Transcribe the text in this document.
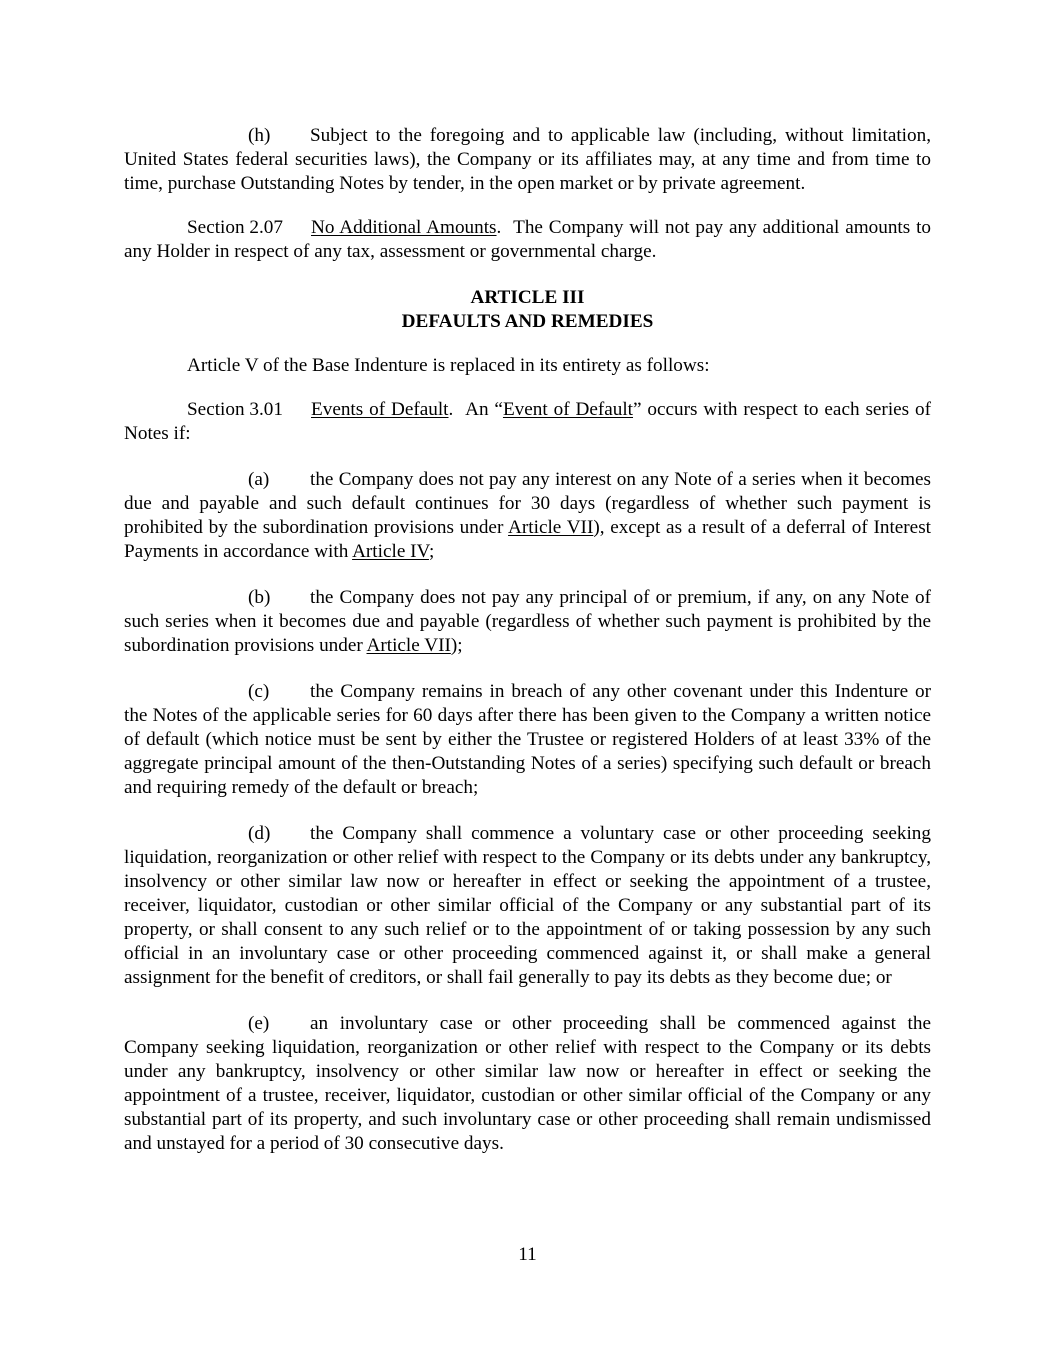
(h) Subject to the foregoing and to applicable law (including, without limitation, United States federal securities laws), the Company or its affiliates may, at any time and from time to time, purchase Outstanding Notes by tender, in the open market or by private agreement.

Section 2.07 No Additional Amounts. The Company will not pay any additional amounts to any Holder in respect of any tax, assessment or governmental charge.

ARTICLE III

DEFAULTS AND REMEDIES

Article V of the Base Indenture is replaced in its entirety as follows:

Section 3.01 Events of Default. An “Event of Default” occurs with respect to each series of Notes if:

(a) the Company does not pay any interest on any Note of a series when it becomes due and payable and such default continues for 30 days (regardless of whether such payment is prohibited by the subordination provisions under Article VII), except as a result of a deferral of Interest Payments in accordance with Article IV;

(b) the Company does not pay any principal of or premium, if any, on any Note of such series when it becomes due and payable (regardless of whether such payment is prohibited by the subordination provisions under Article VII);

(c) the Company remains in breach of any other covenant under this Indenture or the Notes of the applicable series for 60 days after there has been given to the Company a written notice of default (which notice must be sent by either the Trustee or registered Holders of at least 33% of the aggregate principal amount of the then-Outstanding Notes of a series) specifying such default or breach and requiring remedy of the default or breach;

(d) the Company shall commence a voluntary case or other proceeding seeking liquidation, reorganization or other relief with respect to the Company or its debts under any bankruptcy, insolvency or other similar law now or hereafter in effect or seeking the appointment of a trustee, receiver, liquidator, custodian or other similar official of the Company or any substantial part of its property, or shall consent to any such relief or to the appointment of or taking possession by any such official in an involuntary case or other proceeding commenced against it, or shall make a general assignment for the benefit of creditors, or shall fail generally to pay its debts as they become due; or

(e) an involuntary case or other proceeding shall be commenced against the Company seeking liquidation, reorganization or other relief with respect to the Company or its debts under any bankruptcy, insolvency or other similar law now or hereafter in effect or seeking the appointment of a trustee, receiver, liquidator, custodian or other similar official of the Company or any substantial part of its property, and such involuntary case or other proceeding shall remain undismissed and unstayed for a period of 30 consecutive days.

11
